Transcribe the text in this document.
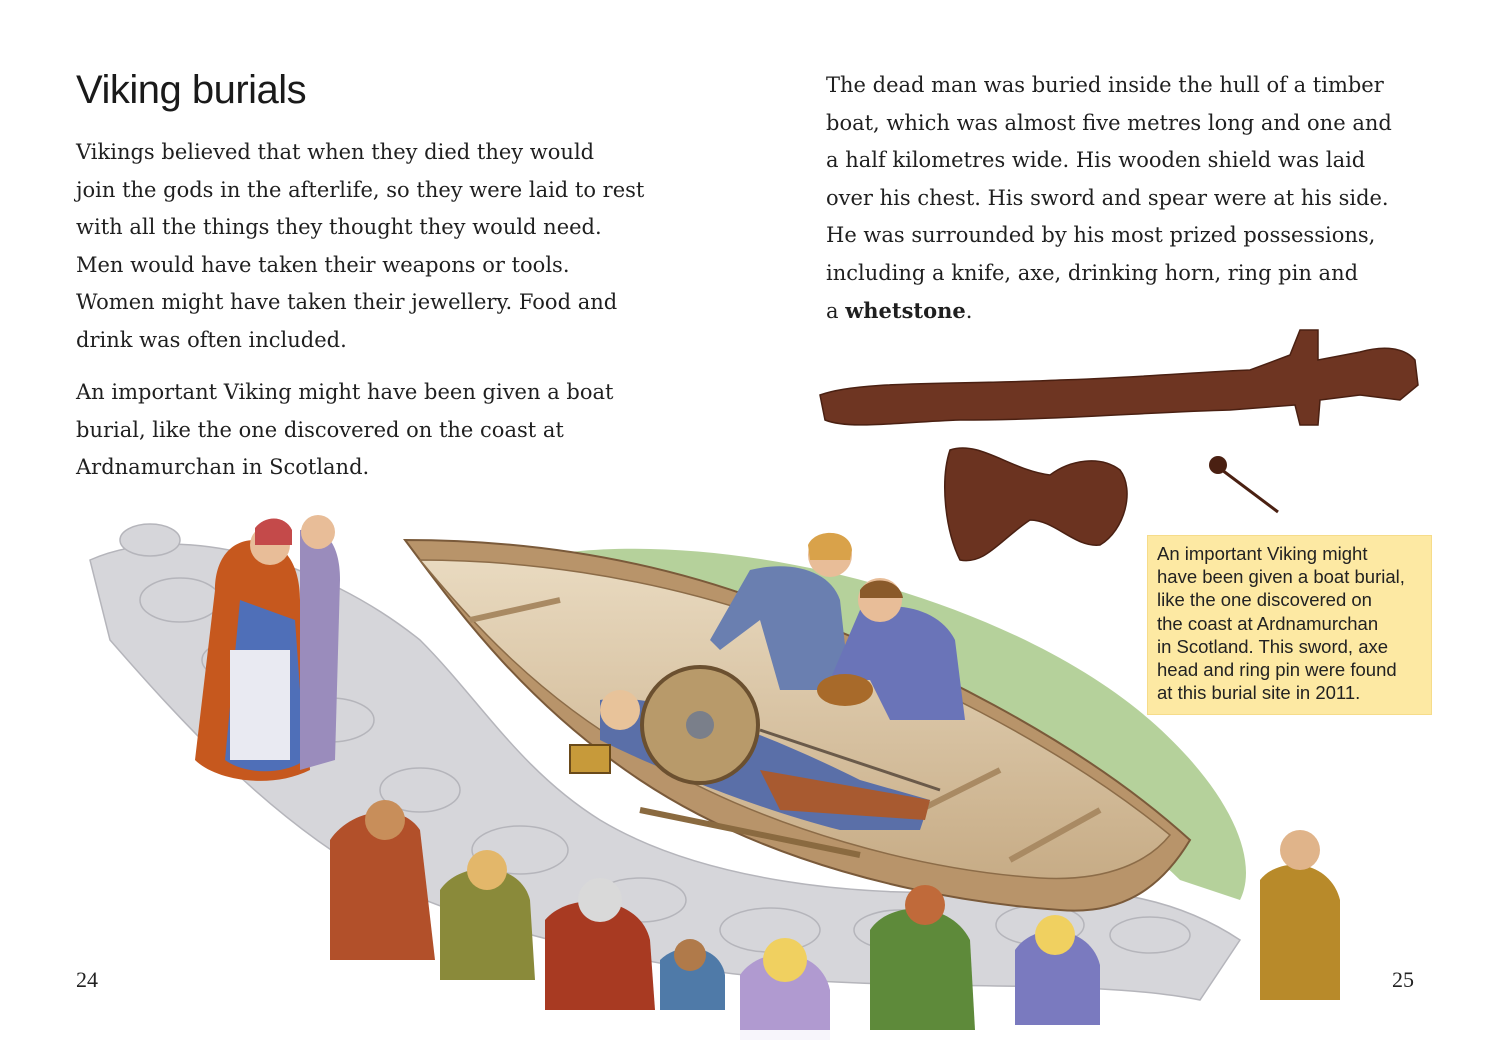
Viking burials

Vikings believed that when they died they would
join the gods in the afterlife, so they were laid to rest
with all the things they thought they would need.
Men would have taken their weapons or tools.
Women might have taken their jewellery. Food and
drink was often included.

An important Viking might have been given a boat
burial, like the one discovered on the coast at
Ardnamurchan in Scotland.

The dead man was buried inside the hull of a timber
boat, which was almost five metres long and one and
a half kilometres wide. His wooden shield was laid
over his chest. His sword and spear were at his side.
He was surrounded by his most prized possessions,
including a knife, axe, drinking horn, ring pin and
a whetstone.

An important Viking might
have been given a boat burial,
like the one discovered on
the coast at Ardnamurchan
in Scotland. This sword, axe
head and ring pin were found
at this burial site in 2011.
24	25
